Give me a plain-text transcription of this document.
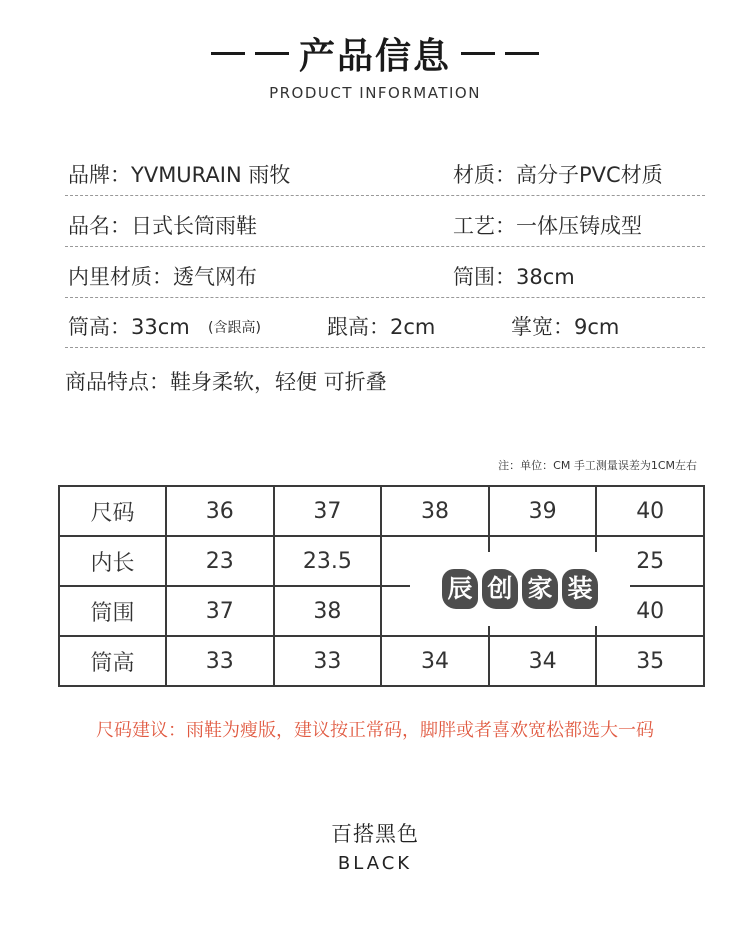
产品信息
PRODUCT INFORMATION
品牌：YVMURAIN 雨牧	材质：高分子PVC材质
品名：日式长筒雨鞋	工艺：一体压铸成型
内里材质：透气网布	筒围：38cm
筒高：33cm (含跟高)	跟高：2cm	掌宽：9cm
商品特点：鞋身柔软，轻便 可折叠
注：单位：CM 手工测量误差为1CM左右
尺码	36	37	38	39	40
内长	23	23.5			25
筒围	37	38			40
筒高	33	33	34	34	35
辰 创 家 装
尺码建议：雨鞋为瘦版，建议按正常码，脚胖或者喜欢宽松都选大一码
百搭黑色
BLACK
